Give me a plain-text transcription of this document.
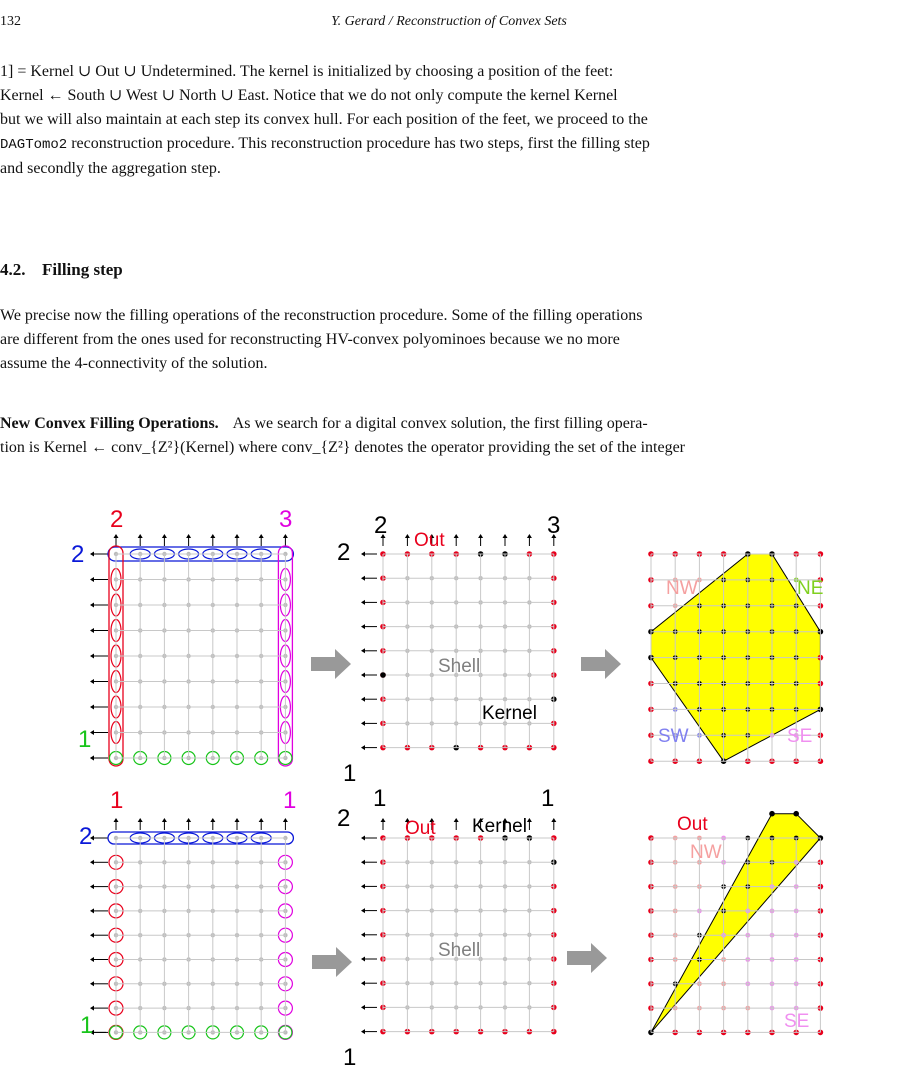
132	Y. Gerard / Reconstruction of Convex Sets
1] = Kernel ∪ Out ∪ Undetermined. The kernel is initialized by choosing a position of the feet:
Kernel ← South ∪ West ∪ North ∪ East. Notice that we do not only compute the kernel Kernel
but we will also maintain at each step its convex hull. For each position of the feet, we proceed to the
DAGTomo2 reconstruction procedure. This reconstruction procedure has two steps, first the filling step
and secondly the aggregation step.
4.2. Filling step
We precise now the filling operations of the reconstruction procedure. Some of the filling operations
are different from the ones used for reconstructing HV-convex polyominoes because we no more
assume the 4-connectivity of the solution.
New Convex Filling Operations. As we search for a digital convex solution, the first filling opera-
tion is Kernel ← conv_{Z²}(Kernel) where conv_{Z²} denotes the operator providing the set of the integer
2	3
2
1
2	3
2
1
Out
Shell
Kernel
NW	NE
SW	SE
1	1
2
1
1	1
2
1
Out Kernel
Shell
Out
NW
SE
